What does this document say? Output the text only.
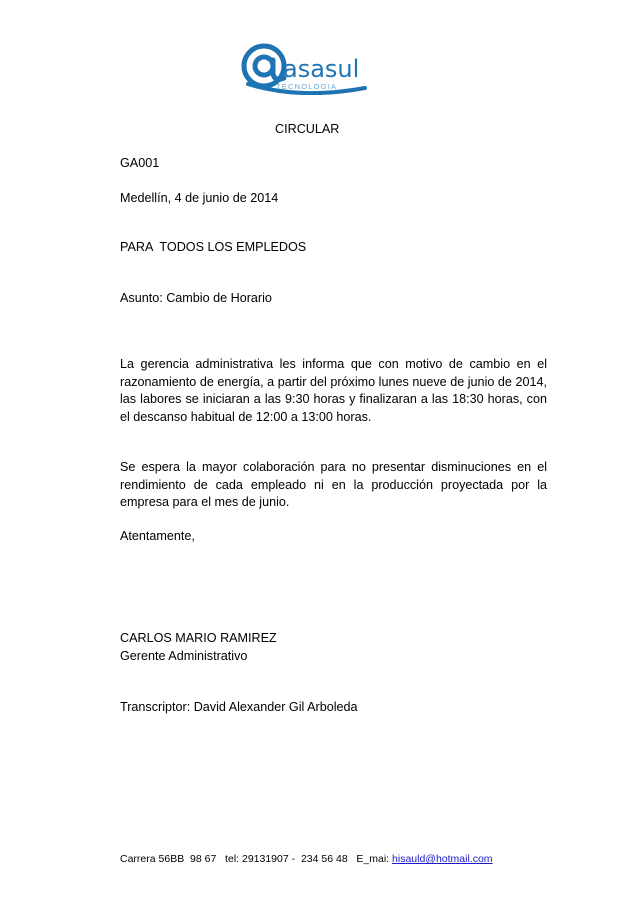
asasul
TECNOLOGIA
CIRCULAR
GA001
Medellín, 4 de junio de 2014
PARA  TODOS LOS EMPLEDOS
Asunto: Cambio de Horario
La gerencia administrativa les informa que con motivo de cambio en el razonamiento de energía, a partir del próximo lunes nueve de junio de 2014, las labores se iniciaran a las 9:30 horas y finalizaran a las 18:30 horas, con el descanso habitual de 12:00 a 13:00 horas.
Se espera la mayor colaboración para no presentar disminuciones en el rendimiento de cada empleado ni en la producción proyectada por la empresa para el mes de junio.
Atentamente,
CARLOS MARIO RAMIREZ
Gerente Administrativo
Transcriptor: David Alexander Gil Arboleda
Carrera 56BB  98 67   tel: 29131907 -  234 56 48   E_mai: hisauld@hotmail.com
